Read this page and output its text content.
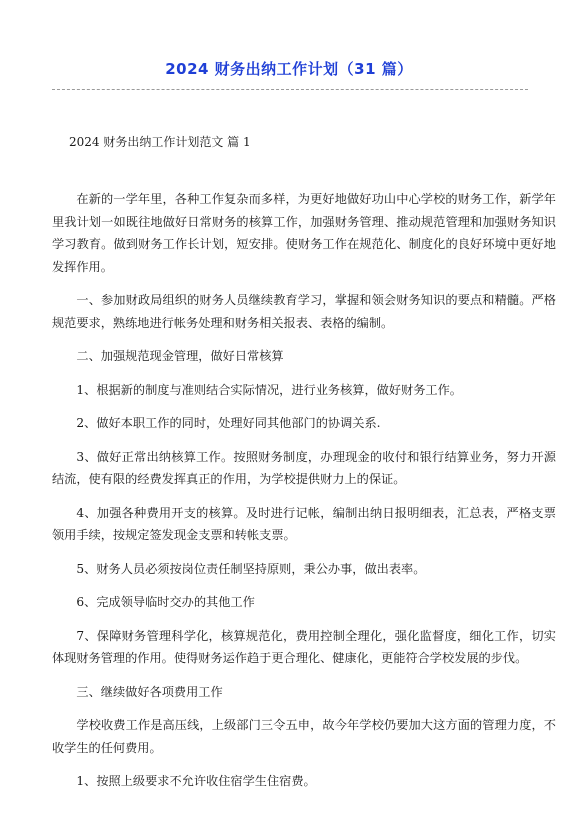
2024 财务出纳工作计划（31 篇）
2024 财务出纳工作计划范文 篇 1

在新的一学年里，各种工作复杂而多样，为更好地做好功山中心学校的财务工作，新学年里我计划一如既往地做好日常财务的核算工作，加强财务管理、推动规范管理和加强财务知识学习教育。做到财务工作长计划，短安排。使财务工作在规范化、制度化的良好环境中更好地发挥作用。

一、参加财政局组织的财务人员继续教育学习，掌握和领会财务知识的要点和精髓。严格规范要求，熟练地进行帐务处理和财务相关报表、表格的编制。

二、加强规范现金管理，做好日常核算

1、根据新的制度与准则结合实际情况，进行业务核算，做好财务工作。

2、做好本职工作的同时，处理好同其他部门的协调关系.

3、做好正常出纳核算工作。按照财务制度，办理现金的收付和银行结算业务，努力开源结流，使有限的经费发挥真正的作用，为学校提供财力上的保证。

4、加强各种费用开支的核算。及时进行记帐，编制出纳日报明细表，汇总表，严格支票领用手续，按规定签发现金支票和转帐支票。

5、财务人员必须按岗位责任制坚持原则，秉公办事，做出表率。

6、完成领导临时交办的其他工作

7、保障财务管理科学化，核算规范化，费用控制全理化，强化监督度，细化工作，切实体现财务管理的作用。使得财务运作趋于更合理化、健康化，更能符合学校发展的步伐。

三、继续做好各项费用工作

学校收费工作是高压线，上级部门三令五申，故今年学校仍要加大这方面的管理力度，不收学生的任何费用。

1、按照上级要求不允许收住宿学生住宿费。
